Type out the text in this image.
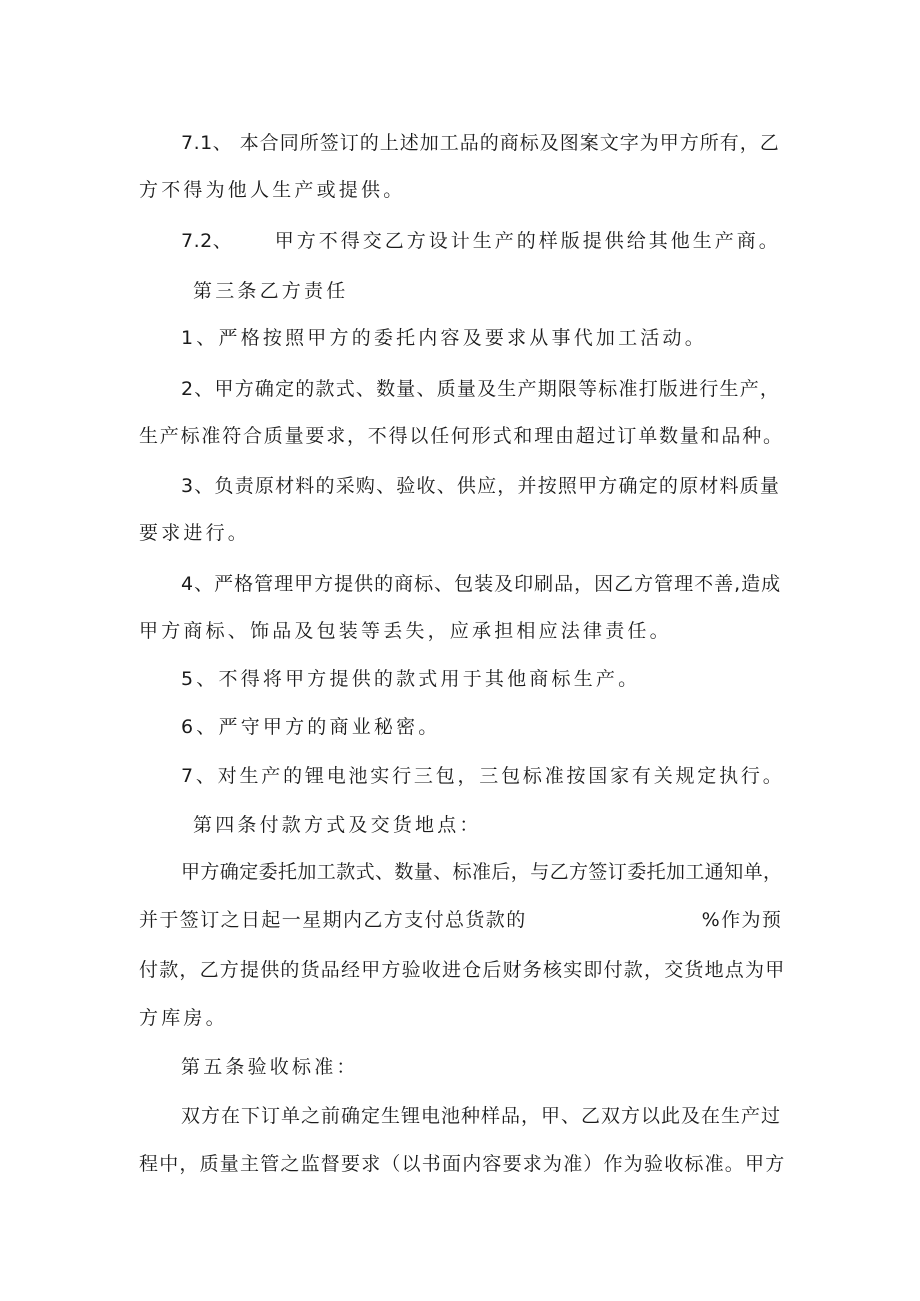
7.1、 本合同所签订的上述加工品的商标及图案文字为甲方所有，乙
方不得为他人生产或提供。
7.2、 甲方不得交乙方设计生产的样版提供给其他生产商。
第三条乙方责任
1、严格按照甲方的委托内容及要求从事代加工活动。
2、甲方确定的款式、数量、质量及生产期限等标准打版进行生产，
生产标准符合质量要求，不得以任何形式和理由超过订单数量和品种。
3、负责原材料的采购、验收、供应，并按照甲方确定的原材料质量
要求进行。
4、严格管理甲方提供的商标、包装及印刷品，因乙方管理不善,造成
甲方商标、饰品及包装等丢失，应承担相应法律责任。
5、不得将甲方提供的款式用于其他商标生产。
6、严守甲方的商业秘密。
7、对生产的锂电池实行三包，三包标准按国家有关规定执行。
第四条付款方式及交货地点：
甲方确定委托加工款式、数量、标准后，与乙方签订委托加工通知单，
并于签订之日起一星期内乙方支付总货款的	%作为预
付款，乙方提供的货品经甲方验收进仓后财务核实即付款，交货地点为甲
方库房。
第五条验收标准：
双方在下订单之前确定生锂电池种样品，甲、乙双方以此及在生产过
程中，质量主管之监督要求（以书面内容要求为准）作为验收标准。甲方
